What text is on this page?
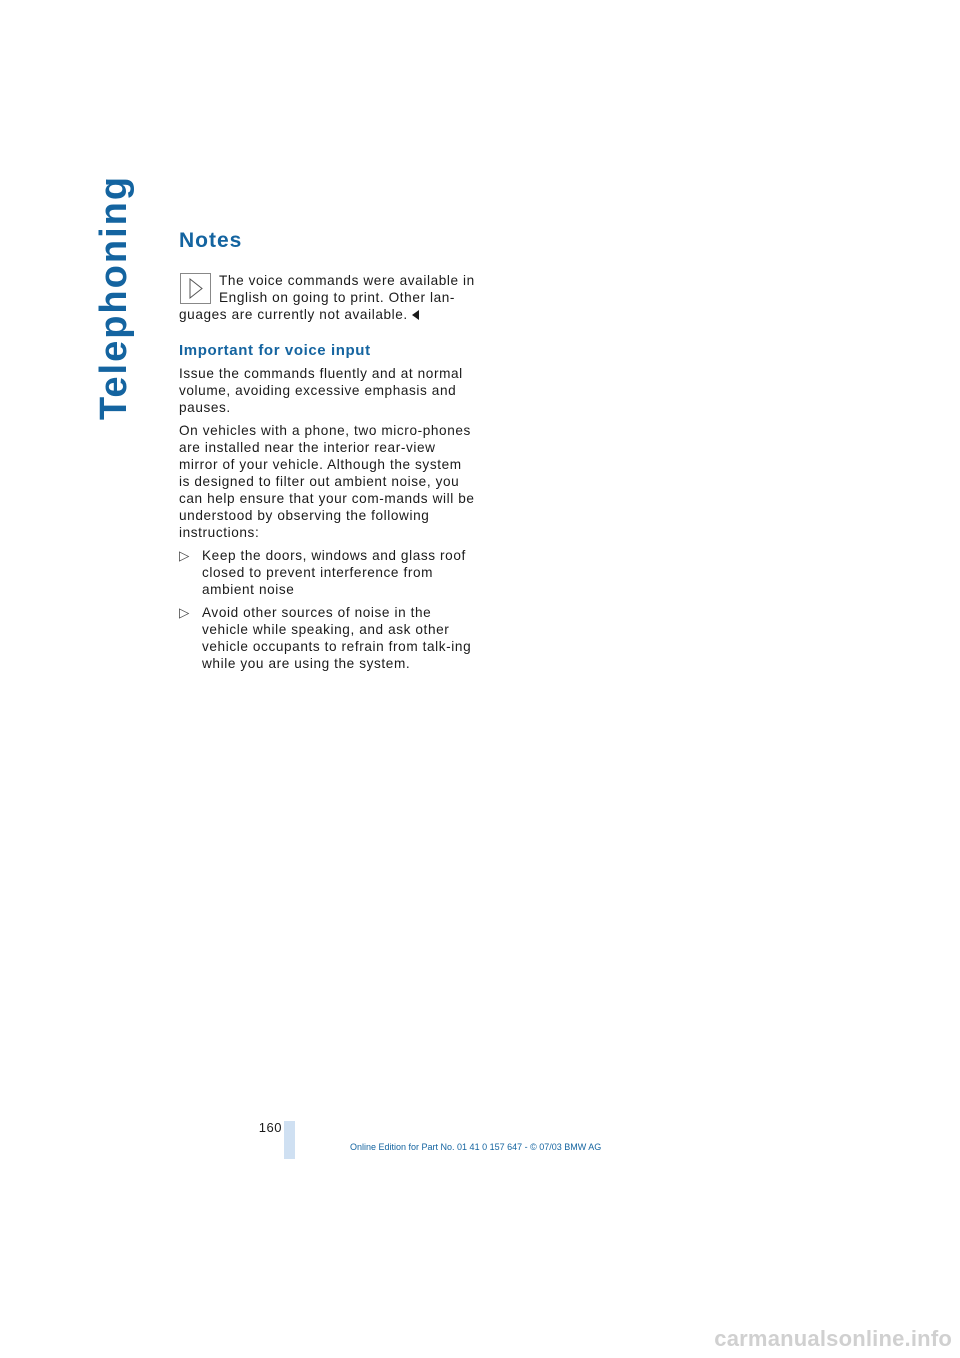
Telephoning	Notes
The voice commands were available in English on going to print. Other lan-guages are currently not available.
Important for voice input

Issue the commands fluently and at normal volume, avoiding excessive emphasis and pauses.

On vehicles with a phone, two micro-phones are installed near the interior rear-view mirror of your vehicle. Although the system is designed to filter out ambient noise, you can help ensure that your com-mands will be understood by observing the following instructions:

▷ Keep the doors, windows and glass roof closed to prevent interference from ambient noise
▷ Avoid other sources of noise in the vehicle while speaking, and ask other vehicle occupants to refrain from talk-ing while you are using the system.
160
Online Edition for Part No. 01 41 0 157 647 - © 07/03 BMW AG
carmanualsonline.info
